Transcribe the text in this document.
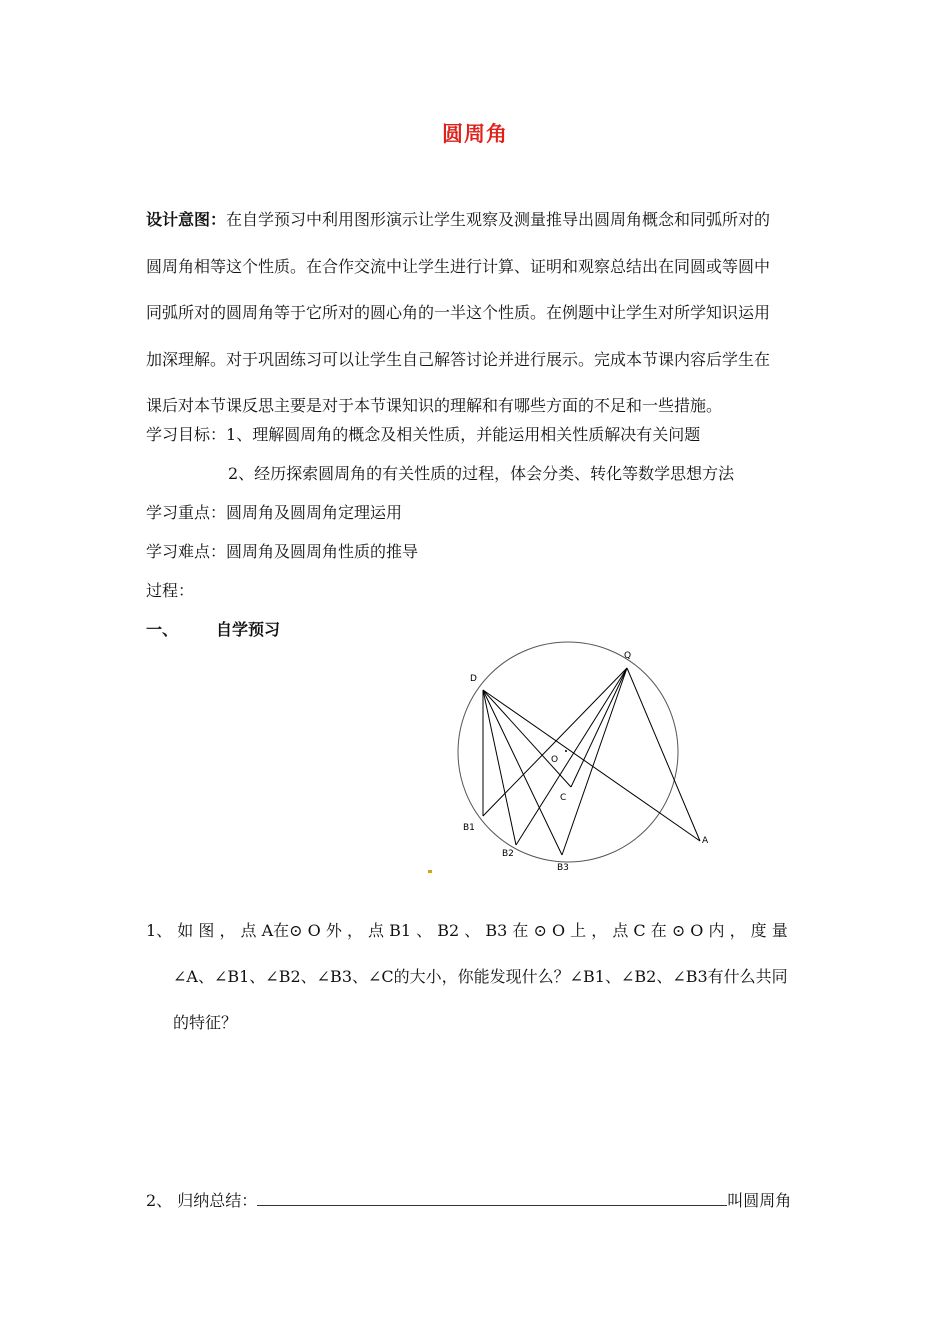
圆周角
设计意图：在自学预习中利用图形演示让学生观察及测量推导出圆周角概念和同弧所对的
圆周角相等这个性质。在合作交流中让学生进行计算、证明和观察总结出在同圆或等圆中
同弧所对的圆周角等于它所对的圆心角的一半这个性质。在例题中让学生对所学知识运用
加深理解。对于巩固练习可以让学生自己解答讨论并进行展示。完成本节课内容后学生在
课后对本节课反思主要是对于本节课知识的理解和有哪些方面的不足和一些措施。
学习目标：1、理解圆周角的概念及相关性质，并能运用相关性质解决有关问题
2、经历探索圆周角的有关性质的过程，体会分类、转化等数学思想方法
学习重点：圆周角及圆周角定理运用
学习难点：圆周角及圆周角性质的推导
过程：
一、 自学预习
D
Q
O
C
B1
B2
B3
A
1、 如 图 ， 点 A在⊙ O 外 ， 点 B1 、 B2 、 B3 在 ⊙ O 上 ， 点 C 在 ⊙ O 内 ， 度 量
∠A、∠B1、∠B2、∠B3、∠C的大小，你能发现什么？∠B1、∠B2、∠B3有什么共同
的特征？
2、 归纳总结：	叫圆周角
